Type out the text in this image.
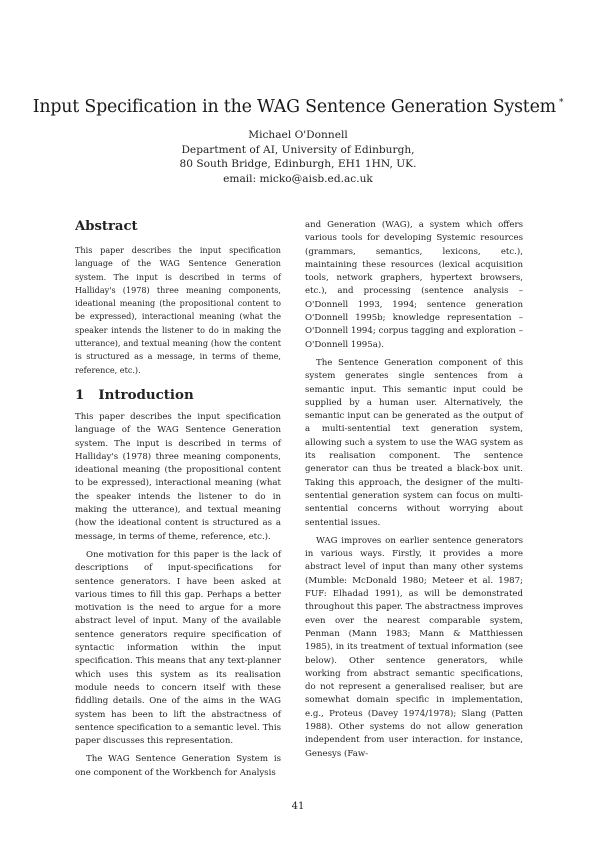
Input Specification in the WAG Sentence Generation System *
Michael O'Donnell
Department of AI, University of Edinburgh,
80 South Bridge, Edinburgh, EH1 1HN, UK.
email: micko@aisb.ed.ac.uk
Abstract

This paper describes the input specification language of the WAG Sentence Generation system. The input is described in terms of Halliday's (1978) three meaning components, ideational meaning (the propositional content to be expressed), interactional meaning (what the speaker intends the listener to do in making the utterance), and textual meaning (how the content is structured as a message, in terms of theme, reference, etc.).

1 Introduction

This paper describes the input specification language of the WAG Sentence Generation system. The input is described in terms of Halliday's (1978) three meaning components, ideational meaning (the propositional content to be expressed), interactional meaning (what the speaker intends the listener to do in making the utterance), and textual meaning (how the ideational content is structured as a message, in terms of theme, reference, etc.).

One motivation for this paper is the lack of descriptions of input-specifications for sentence generators. I have been asked at various times to fill this gap. Perhaps a better motivation is the need to argue for a more abstract level of input. Many of the available sentence generators require specification of syntactic information within the input specification. This means that any text-planner which uses this system as its realisation module needs to concern itself with these fiddling details. One of the aims in the WAG system has been to lift the abstractness of sentence specification to a semantic level. This paper discusses this representation.

The WAG Sentence Generation System is one component of the Workbench for Analysis

and Generation (WAG), a system which offers various tools for developing Systemic resources (grammars, semantics, lexicons, etc.), maintaining these resources (lexical acquisition tools, network graphers, hypertext browsers, etc.), and processing (sentence analysis – O'Donnell 1993, 1994; sentence generation O'Donnell 1995b; knowledge representation – O'Donnell 1994; corpus tagging and exploration – O'Donnell 1995a).

The Sentence Generation component of this system generates single sentences from a semantic input. This semantic input could be supplied by a human user. Alternatively, the semantic input can be generated as the output of a multi-sentential text generation system, allowing such a system to use the WAG system as its realisation component. The sentence generator can thus be treated a black-box unit. Taking this approach, the designer of the multi-sentential generation system can focus on multi-sentential concerns without worrying about sentential issues.

WAG improves on earlier sentence generators in various ways. Firstly, it provides a more abstract level of input than many other systems (Mumble: McDonald 1980; Meteer et al. 1987; FUF: Elhadad 1991), as will be demonstrated throughout this paper. The abstractness improves even over the nearest comparable system, Penman (Mann 1983; Mann & Matthiessen 1985), in its treatment of textual information (see below). Other sentence generators, while working from abstract semantic specifications, do not represent a generalised realiser, but are somewhat domain specific in implementation, e.g., Proteus (Davey 1974/1978); Slang (Patten 1988). Other systems do not allow generation independent from user interaction. for instance, Genesys (Faw-

41
